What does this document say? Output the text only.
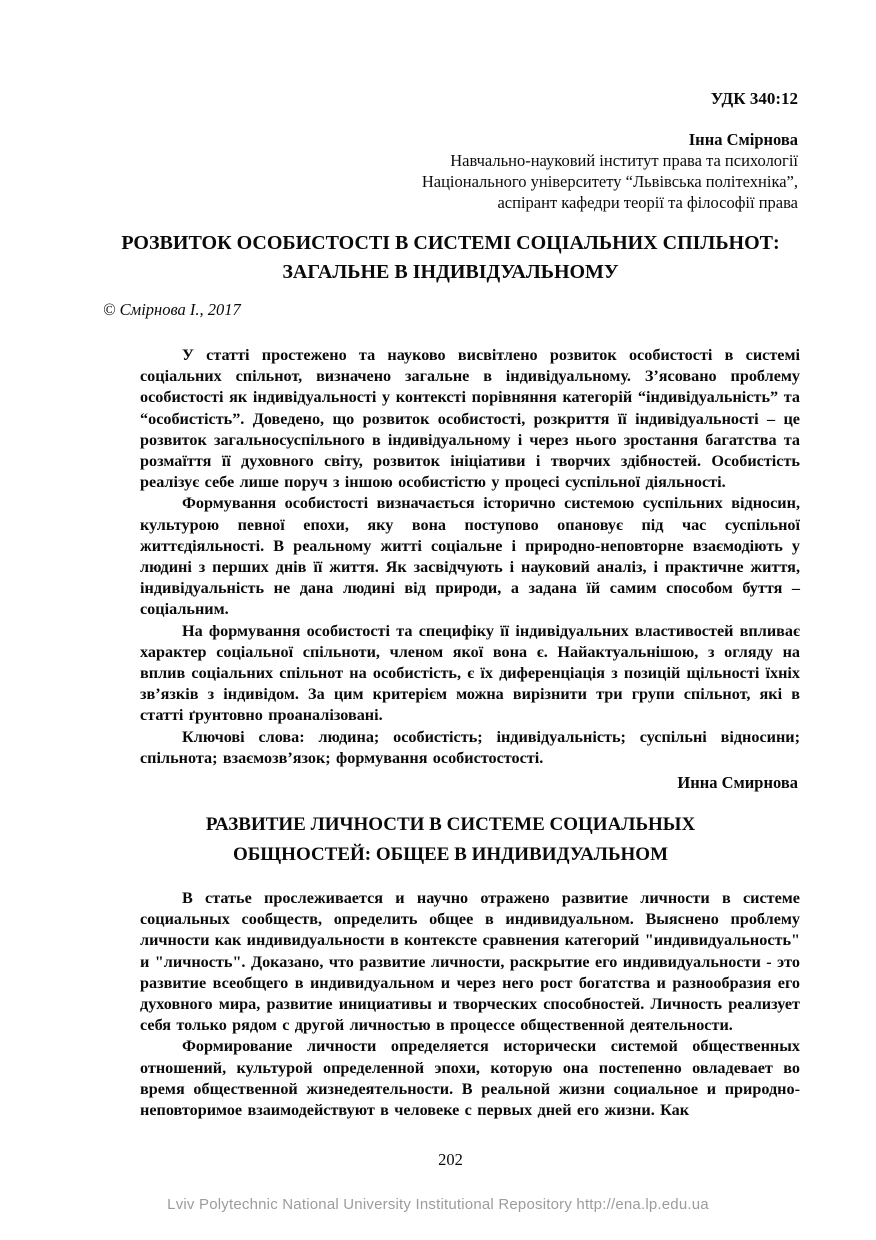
УДК 340:12
Інна Смірнова
Навчально-науковий інститут права та психології
Національного університету “Львівська політехніка”,
аспірант кафедри теорії та філософії права
РОЗВИТОК ОСОБИСТОСТІ В СИСТЕМІ СОЦІАЛЬНИХ СПІЛЬНОТ:
ЗАГАЛЬНЕ В ІНДИВІДУАЛЬНОМУ
© Смірнова І., 2017

У статті простежено та науково висвітлено розвиток особистості в системі соціальних спільнот, визначено загальне в індивідуальному. З’ясовано проблему особистості як індивідуальності у контексті порівняння категорій “індивідуальність” та “особистість”. Доведено, що розвиток особистості, розкриття її індивідуальності – це розвиток загальносуспільного в індивідуальному і через нього зростання багатства та розмаїття її духовного світу, розвиток ініціативи і творчих здібностей. Особистість реалізує себе лише поруч з іншою особистістю у процесі суспільної діяльності.

Формування особистості визначається історично системою суспільних відносин, культурою певної епохи, яку вона поступово опановує під час суспільної життєдіяльності. В реальному житті соціальне і природно-неповторне взаємодіють у людині з перших днів її життя. Як засвідчують і науковий аналіз, і практичне життя, індивідуальність не дана людині від природи, а задана їй самим способом буття – соціальним.

На формування особистості та специфіку її індивідуальних властивостей впливає характер соціальної спільноти, членом якої вона є. Найактуальнішою, з огляду на вплив соціальних спільнот на особистість, є їх диференціація з позицій щільності їхніх зв’язків з індивідом. За цим критерієм можна вирізнити три групи спільнот, які в статті ґрунтовно проаналізовані.

Ключові слова: людина; особистість; індивідуальність; суспільні відносини; спільнота; взаємозв’язок; формування особистостості.

Инна Смирнова
РАЗВИТИЕ ЛИЧНОСТИ В СИСТЕМЕ СОЦИАЛЬНЫХ
ОБЩНОСТЕЙ: ОБЩЕЕ В ИНДИВИДУАЛЬНОМ

В статье прослеживается и научно отражено развитие личности в системе социальных сообществ, определить общее в индивидуальном. Выяснено проблему личности как индивидуальности в контексте сравнения категорий "индивидуальность" и "личность". Доказано, что развитие личности, раскрытие его индивидуальности - это развитие всеобщего в индивидуальном и через него рост богатства и разнообразия его духовного мира, развитие инициативы и творческих способностей. Личность реализует себя только рядом с другой личностью в процессе общественной деятельности.

Формирование личности определяется исторически системой общественных отношений, культурой определенной эпохи, которую она постепенно овладевает во время общественной жизнедеятельности. В реальной жизни социальное и природно-неповторимое взаимодействуют в человеке с первых дней его жизни. Как

202
Lviv Polytechnic National University Institutional Repository http://ena.lp.edu.ua
